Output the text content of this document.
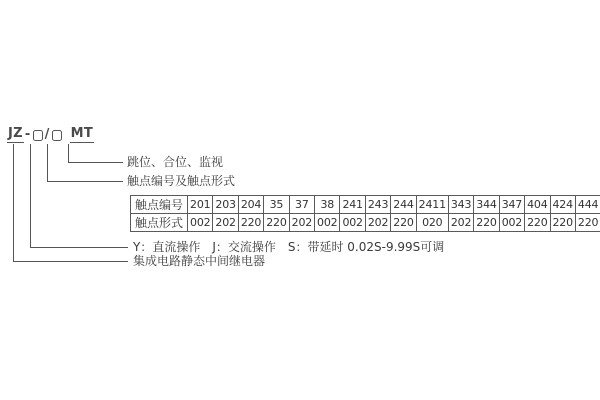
JZ - / MT
跳位、合位、监视
触点编号及触点形式
Y：直流操作　J：交流操作　S：带延时 0.02S-9.99S可调
集成电路静态中间继电器
触点编号	201	203	204	35	37	38	241	243	244	2411	343	344	347	404	424	444
触点形式	002	202	220	220	202	002	002	202	220	020	202	220	002	220	220	220
